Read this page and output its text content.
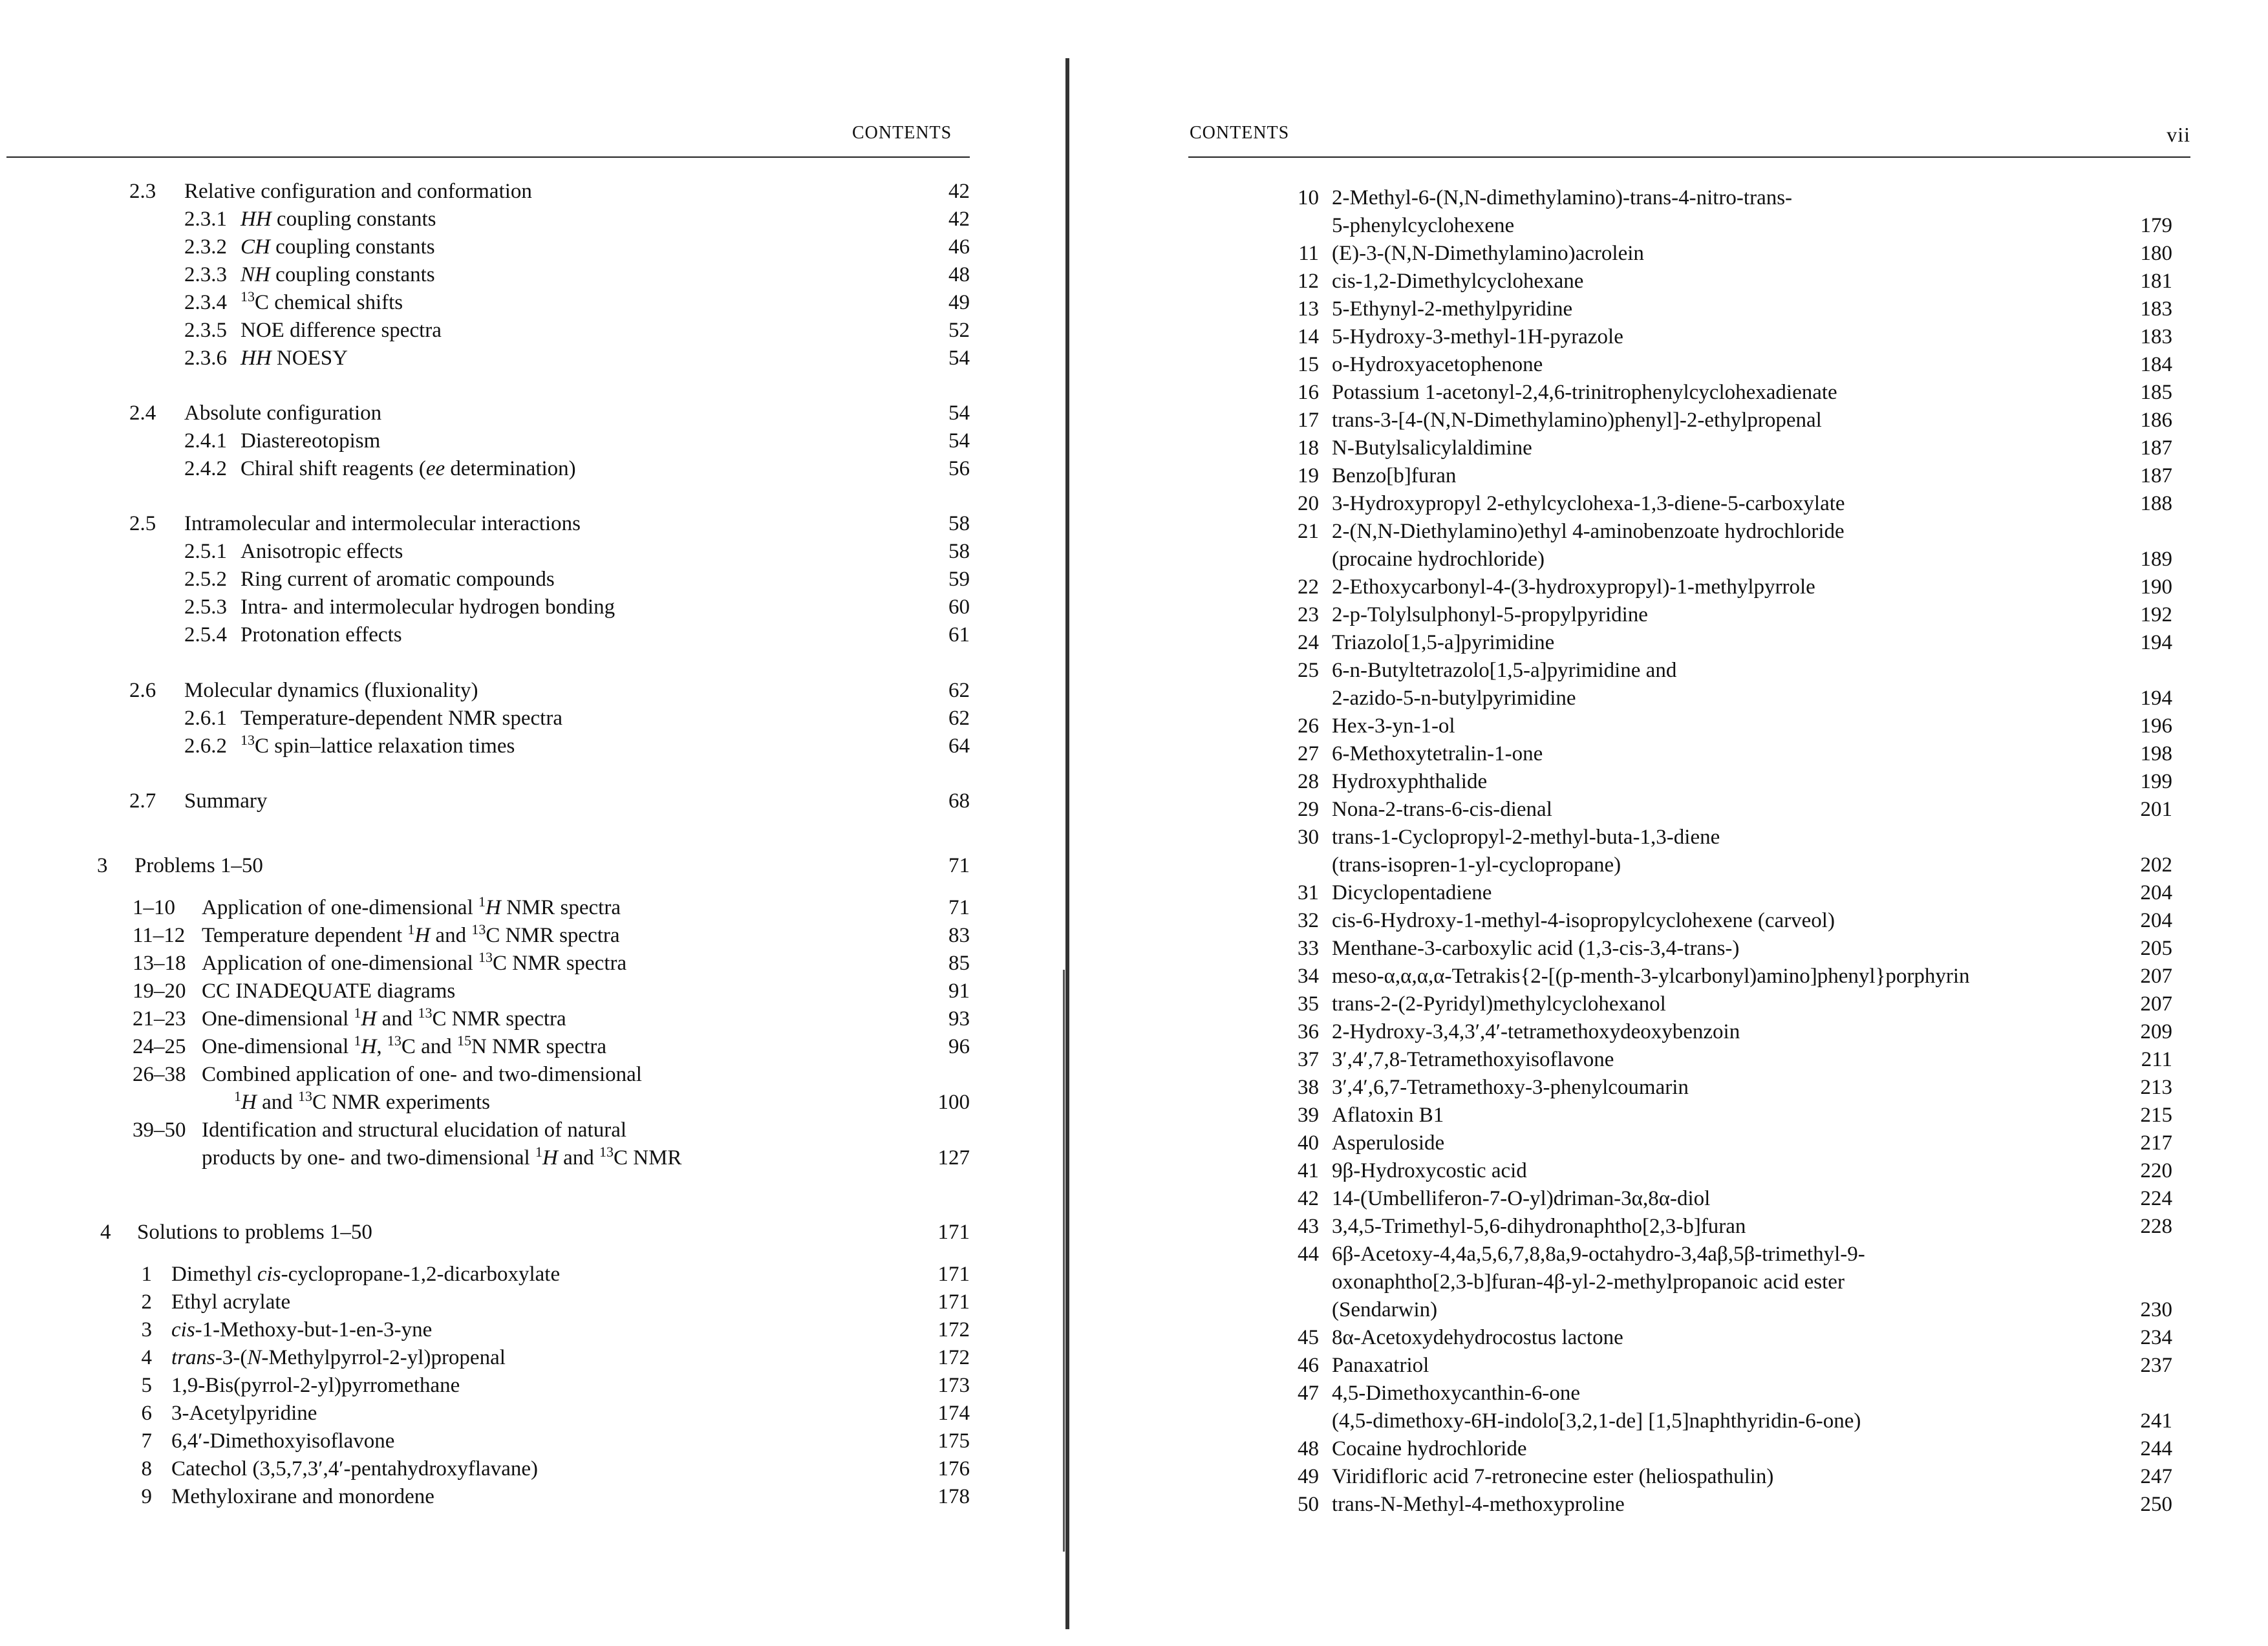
CONTENTS
2.3 Relative configuration and conformation	42
2.3.1 HH coupling constants	42
2.3.2 CH coupling constants	46
2.3.3 NH coupling constants	48
2.3.4 $^{13}$C chemical shifts	49
2.3.5 NOE difference spectra	52
2.3.6 HH NOESY	54
2.4 Absolute configuration	54
2.4.1 Diastereotopism	54
2.4.2 Chiral shift reagents (ee determination)	56
2.5 Intramolecular and intermolecular interactions	58
2.5.1 Anisotropic effects	58
2.5.2 Ring current of aromatic compounds	59
2.5.3 Intra- and intermolecular hydrogen bonding	60
2.5.4 Protonation effects	61
2.6 Molecular dynamics (fluxionality)	62
2.6.1 Temperature-dependent NMR spectra	62
2.6.2 $^{13}$C spin–lattice relaxation times	64
2.7 Summary	68
3 Problems 1–50	71
1–10 Application of one-dimensional $^1$H NMR spectra	71
11–12 Temperature dependent $^1$H and $^{13}$C NMR spectra	83
13–18 Application of one-dimensional $^{13}$C NMR spectra	85
19–20 CC INADEQUATE diagrams	91
21–23 One-dimensional $^1$H and $^{13}$C NMR spectra	93
24–25 One-dimensional $^1$H, $^{13}$C and $^{15}$N NMR spectra	96
26–38 Combined application of one- and two-dimensional
$^1$H and $^{13}$C NMR experiments	100
39–50 Identification and structural elucidation of natural
products by one- and two-dimensional $^1$H and $^{13}$C NMR	127
4 Solutions to problems 1–50	171
1 Dimethyl cis-cyclopropane-1,2-dicarboxylate	171
2 Ethyl acrylate	171
3 cis-1-Methoxy-but-1-en-3-yne	172
4 trans-3-(N-Methylpyrrol-2-yl)propenal	172
5 1,9-Bis(pyrrol-2-yl)pyrromethane	173
6 3-Acetylpyridine	174
7 6,4′-Dimethoxyisoflavone	175
8 Catechol (3,5,7,3′,4′-pentahydroxyflavane)	176
9 Methyloxirane and monordene	178
CONTENTS	vii
10 2-Methyl-6-(N,N-dimethylamino)-trans-4-nitro-trans-
5-phenylcyclohexene	179
11 (E)-3-(N,N-Dimethylamino)acrolein	180
12 cis-1,2-Dimethylcyclohexane	181
13 5-Ethynyl-2-methylpyridine	183
14 5-Hydroxy-3-methyl-1H-pyrazole	183
15 o-Hydroxyacetophenone	184
16 Potassium 1-acetonyl-2,4,6-trinitrophenylcyclohexadienate	185
17 trans-3-[4-(N,N-Dimethylamino)phenyl]-2-ethylpropenal	186
18 N-Butylsalicylaldimine	187
19 Benzo[b]furan	187
20 3-Hydroxypropyl 2-ethylcyclohexa-1,3-diene-5-carboxylate	188
21 2-(N,N-Diethylamino)ethyl 4-aminobenzoate hydrochloride
(procaine hydrochloride)	189
22 2-Ethoxycarbonyl-4-(3-hydroxypropyl)-1-methylpyrrole	190
23 2-p-Tolylsulphonyl-5-propylpyridine	192
24 Triazolo[1,5-a]pyrimidine	194
25 6-n-Butyltetrazolo[1,5-a]pyrimidine and
2-azido-5-n-butylpyrimidine	194
26 Hex-3-yn-1-ol	196
27 6-Methoxytetralin-1-one	198
28 Hydroxyphthalide	199
29 Nona-2-trans-6-cis-dienal	201
30 trans-1-Cyclopropyl-2-methyl-buta-1,3-diene
(trans-isopren-1-yl-cyclopropane)	202
31 Dicyclopentadiene	204
32 cis-6-Hydroxy-1-methyl-4-isopropylcyclohexene (carveol)	204
33 Menthane-3-carboxylic acid (1,3-cis-3,4-trans-)	205
34 meso-α,α,α,α-Tetrakis{2-[(p-menth-3-ylcarbonyl)amino]phenyl}porphyrin	207
35 trans-2-(2-Pyridyl)methylcyclohexanol	207
36 2-Hydroxy-3,4,3′,4′-tetramethoxydeoxybenzoin	209
37 3′,4′,7,8-Tetramethoxyisoflavone	211
38 3′,4′,6,7-Tetramethoxy-3-phenylcoumarin	213
39 Aflatoxin B1	215
40 Asperuloside	217
41 9β-Hydroxycostic acid	220
42 14-(Umbelliferon-7-O-yl)driman-3α,8α-diol	224
43 3,4,5-Trimethyl-5,6-dihydronaphtho[2,3-b]furan	228
44 6β-Acetoxy-4,4a,5,6,7,8,8a,9-octahydro-3,4aβ,5β-trimethyl-9-
oxonaphtho[2,3-b]furan-4β-yl-2-methylpropanoic acid ester
(Sendarwin)	230
45 8α-Acetoxydehydrocostus lactone	234
46 Panaxatriol	237
47 4,5-Dimethoxycanthin-6-one
(4,5-dimethoxy-6H-indolo[3,2,1-de] [1,5]naphthyridin-6-one)	241
48 Cocaine hydrochloride	244
49 Viridifloric acid 7-retronecine ester (heliospathulin)	247
50 trans-N-Methyl-4-methoxyproline	250
